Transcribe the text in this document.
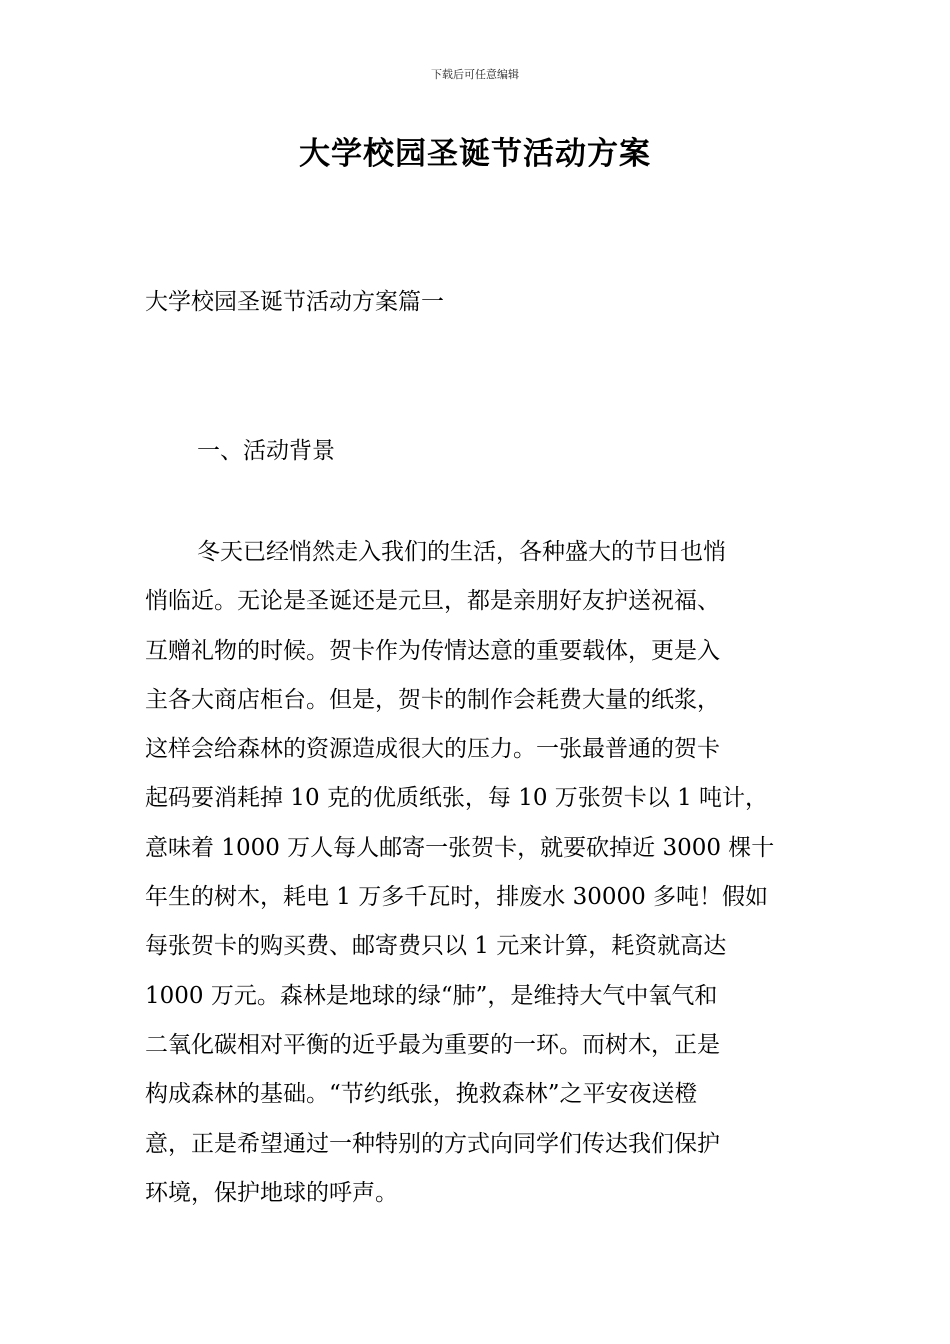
下载后可任意编辑
大学校园圣诞节活动方案
大学校园圣诞节活动方案篇一
一、活动背景
冬天已经悄然走入我们的生活，各种盛大的节日也悄
悄临近。无论是圣诞还是元旦，都是亲朋好友护送祝福、
互赠礼物的时候。贺卡作为传情达意的重要载体，更是入
主各大商店柜台。但是，贺卡的制作会耗费大量的纸浆，
这样会给森林的资源造成很大的压力。一张最普通的贺卡
起码要消耗掉 10 克的优质纸张，每 10 万张贺卡以 1 吨计，
意味着 1000 万人每人邮寄一张贺卡，就要砍掉近 3000 棵十
年生的树木，耗电 1 万多千瓦时，排废水 30000 多吨！假如
每张贺卡的购买费、邮寄费只以 1 元来计算，耗资就高达
1000 万元。森林是地球的绿“肺”，是维持大气中氧气和
二氧化碳相对平衡的近乎最为重要的一环。而树木，正是
构成森林的基础。“节约纸张，挽救森林”之平安夜送橙
意，正是希望通过一种特别的方式向同学们传达我们保护
环境，保护地球的呼声。
